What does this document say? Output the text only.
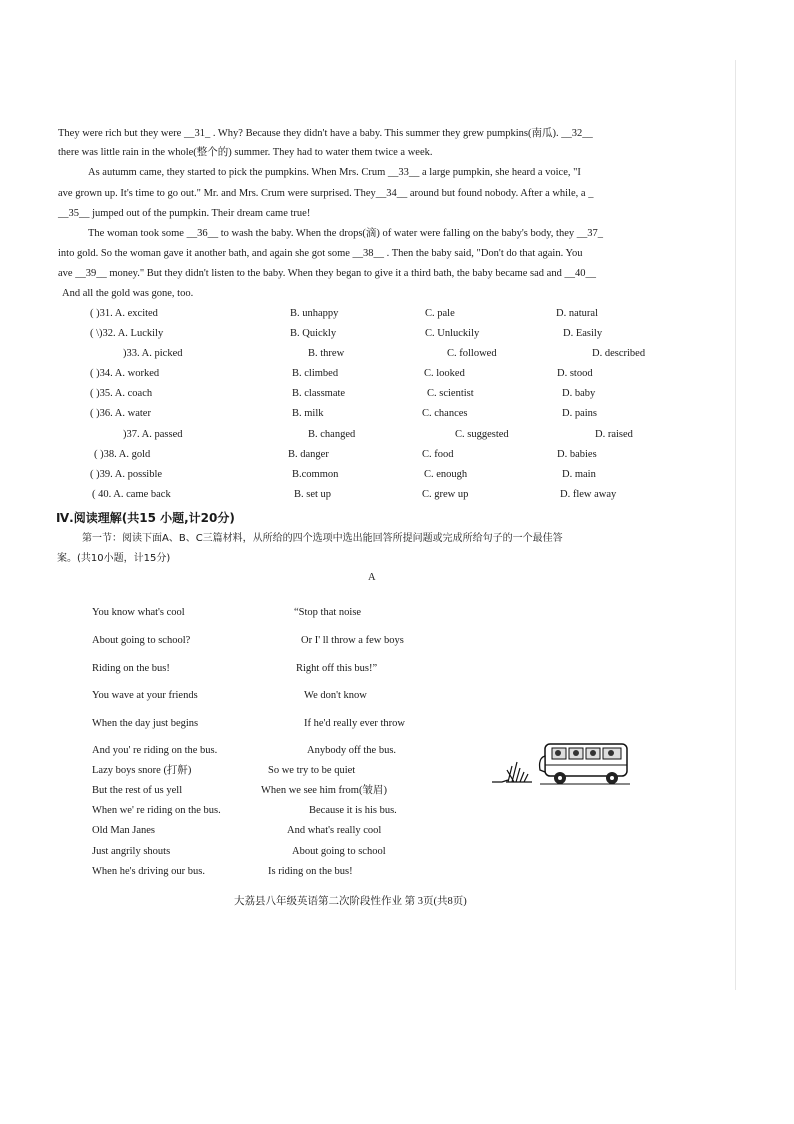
They were rich but they were __31_ . Why? Because they didn't have a baby. This summer they grew pumpkins(南瓜). __32__
there was little rain in the whole(整个的) summer. They had to water them twice a week.
As autumm came, they started to pick the pumpkins. When Mrs. Crum __33__ a large pumpkin, she heard a voice, "I
ave grown up. It's time to go out." Mr. and Mrs. Crum were surprised. They__34__ around but found nobody. After a while, a _
__35__ jumped out of the pumpkin. Their dream came true!
The woman took some __36__ to wash the baby. When the drops(滴) of water were falling on the baby's body, they __37_
into gold. So the woman gave it another bath, and again she got some __38__ . Then the baby said, "Don't do that again. You
ave __39__ money." But they didn't listen to the baby. When they began to give it a third bath, the baby became sad and __40__
And all the gold was gone, too.
( )31. A. excited	B. unhappy	C. pale	D. natural
( \)32. A. Luckily	B. Quickly	C. Unluckily	D. Easily
)33. A. picked	B. threw	C. followed	D. described
( )34. A. worked	B. climbed	C. looked	D. stood
( )35. A. coach	B. classmate	C. scientist	D. baby
( )36. A. water	B. milk	C. chances	D. pains
)37. A. passed	B. changed	C. suggested	D. raised
( )38. A. gold	B. danger	C. food	D. babies
( )39. A. possible	B.common	C. enough	D. main
( 40. A. came back	B. set up	C. grew up	D. flew away
Ⅳ.阅读理解(共15 小题,计20分)
第一节：阅读下面A、B、C三篇材料，从所给的四个选项中选出能回答所提问题或完成所给句子的一个最佳答
案。(共10小题，计15分)
A
You know what's cool
About going to school?
Riding on the bus!
You wave at your friends
When the day just begins
And you' re riding on the bus.
Lazy boys snore (打鼾)
But the rest of us yell
When we' re riding on the bus.
Old Man Janes
Just angrily shouts
When he's driving our bus.
“Stop that noise
Or I' ll throw a few boys
Right off this bus!”
We don't know
If he'd really ever throw
Anybody off the bus.
So we try to be quiet
When we see him from(皱眉)
Because it is his bus.
And what's really cool
About going to school
Is riding on the bus!
大荔县八年级英语第二次阶段性作业 第 3页(共8页)
